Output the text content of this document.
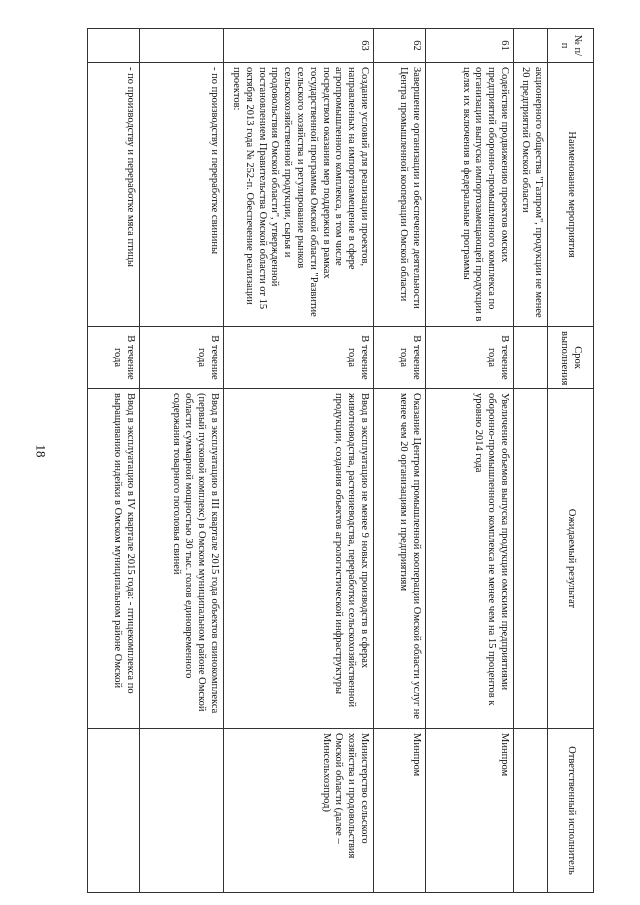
18
№ п/п	Наименование мероприятия	Срок выполнения	Ожидаемый результат	Ответственный исполнитель
	акционерного общества "Газпром", продукции не менее 20 предприятий Омской области			
61	Содействие продвижению проектов омских предприятий оборонно-промышленного комплекса по организации выпуска импортозамещающей продукции в целях их включения в федеральные программы	В течение года	Увеличение объемов выпуска продукции омскими предприятиями оборонно-промышленного комплекса не менее чем на 15 процентов к уровню 2014 года	Минпром
62	Завершение организации и обеспечение деятельности Центра промышленной кооперации Омской области	В течение года	Оказание Центром промышленной кооперации Омской области услуг не менее чем 20 организациям и предприятиям	Минпром
63	Создание условий для реализации проектов, направленных на импортозамещение в сфере агропромышленного комплекса, в том числе посредством оказания мер поддержки в рамках государственной программы Омской области "Развитие сельского хозяйства и регулирование рынков сельскохозяйственной продукции, сырья и продовольствия Омской области", утвержденной постановлением Правительства Омской области от 15 октября 2013 года № 252-п. Обеспечение реализации проектов:	В течение года	Ввод в эксплуатацию не менее 9 новых производств в сферах животноводства, растениеводства, переработки сельскохозяйственной продукции, создания объектов агрологистической инфраструктуры	Министерство сельского хозяйства и продовольствия Омской области (далее – Минсельхозпрод)
	- по производству и переработке свинины	В течение года	Ввод в эксплуатацию в III квартале 2015 года объектов свинокомплекса (первый пусковой комплекс) в Омском муниципальном районе Омской области суммарной мощностью 30 тыс. голов единовременного содержания товарного поголовья свиней	
	- по производству и переработке мяса птицы	В течение года	Ввод в эксплуатацию в IV квартале 2015 года: - птицекомплекса по выращиванию индейки в Омском муниципальном районе Омской	
